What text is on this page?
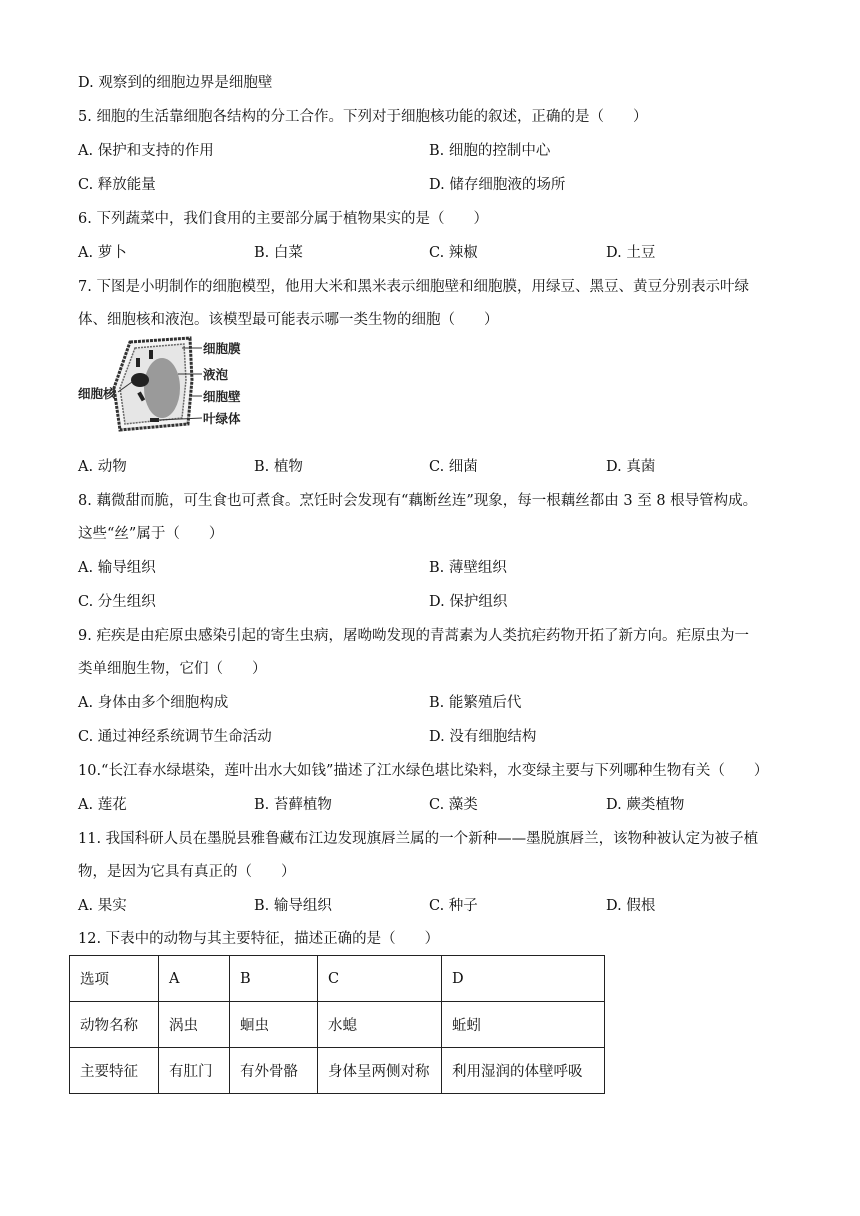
D. 观察到的细胞边界是细胞壁
5. 细胞的生活靠细胞各结构的分工合作。下列对于细胞核功能的叙述，正确的是（　　）
A. 保护和支持的作用	B. 细胞的控制中心
C. 释放能量	D. 储存细胞液的场所
6. 下列蔬菜中，我们食用的主要部分属于植物果实的是（　　）
A. 萝卜	B. 白菜	C. 辣椒	D. 土豆
7. 下图是小明制作的细胞模型，他用大米和黑米表示细胞壁和细胞膜，用绿豆、黑豆、黄豆分别表示叶绿
体、细胞核和液泡。该模型最可能表示哪一类生物的细胞（　　）
细胞膜
液泡
细胞壁
叶绿体
细胞核
A. 动物	B. 植物	C. 细菌	D. 真菌
8. 藕微甜而脆，可生食也可煮食。烹饪时会发现有“藕断丝连”现象，每一根藕丝都由 3 至 8 根导管构成。
这些“丝”属于（　　）
A. 输导组织	B. 薄壁组织
C. 分生组织	D. 保护组织
9. 疟疾是由疟原虫感染引起的寄生虫病，屠呦呦发现的青蒿素为人类抗疟药物开拓了新方向。疟原虫为一
类单细胞生物，它们（　　）
A. 身体由多个细胞构成	B. 能繁殖后代
C. 通过神经系统调节生命活动	D. 没有细胞结构
10.“长江春水绿堪染，莲叶出水大如钱”描述了江水绿色堪比染料，水变绿主要与下列哪种生物有关（　　）
A. 莲花	B. 苔藓植物	C. 藻类	D. 蕨类植物
11. 我国科研人员在墨脱县雅鲁藏布江边发现旗唇兰属的一个新种——墨脱旗唇兰，该物种被认定为被子植
物，是因为它具有真正的（　　）
A. 果实	B. 输导组织	C. 种子	D. 假根
12. 下表中的动物与其主要特征，描述正确的是（　　）
选项	A	B	C	D
动物名称	涡虫	蛔虫	水螅	蚯蚓
主要特征	有肛门	有外骨骼	身体呈两侧对称	利用湿润的体壁呼吸
